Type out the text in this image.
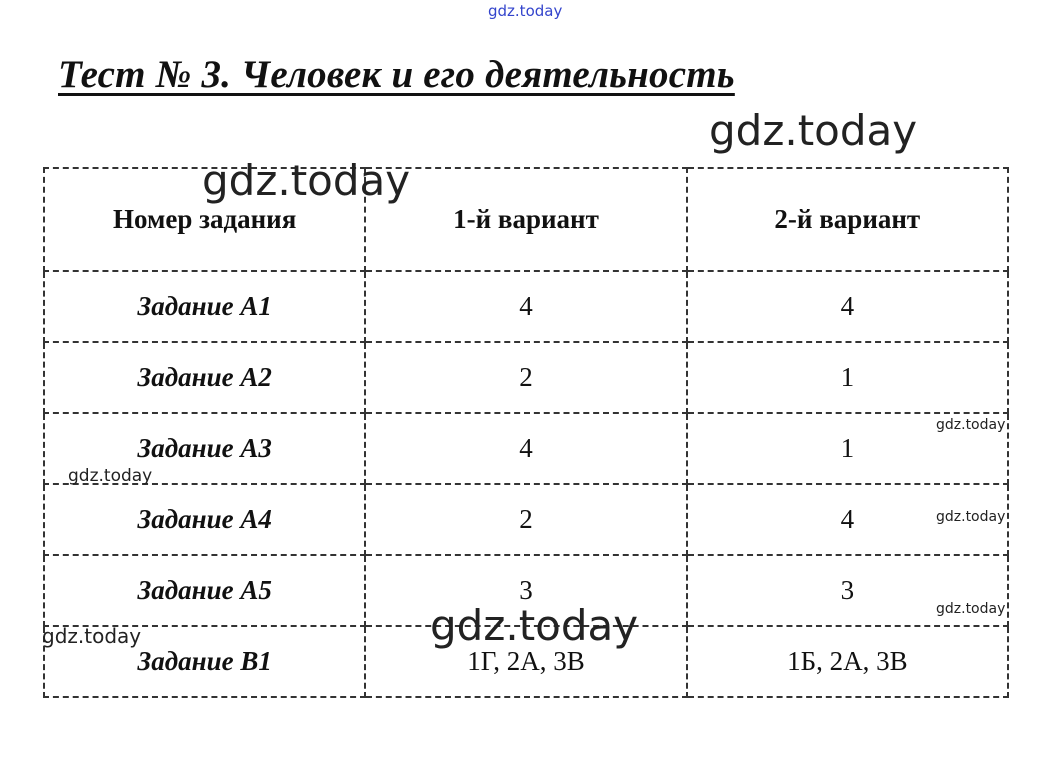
Тест № 3. Человек и его деятельность
Номер задания	1-й вариант	2-й вариант
Задание А1	4	4
Задание А2	2	1
Задание А3	4	1
Задание А4	2	4
Задание А5	3	3
Задание В1	1Г, 2А, 3В	1Б, 2А, 3В
gdz.today
gdz.today
gdz.today
gdz.today
gdz.today
gdz.today
gdz.today
gdz.today
gdz.today
